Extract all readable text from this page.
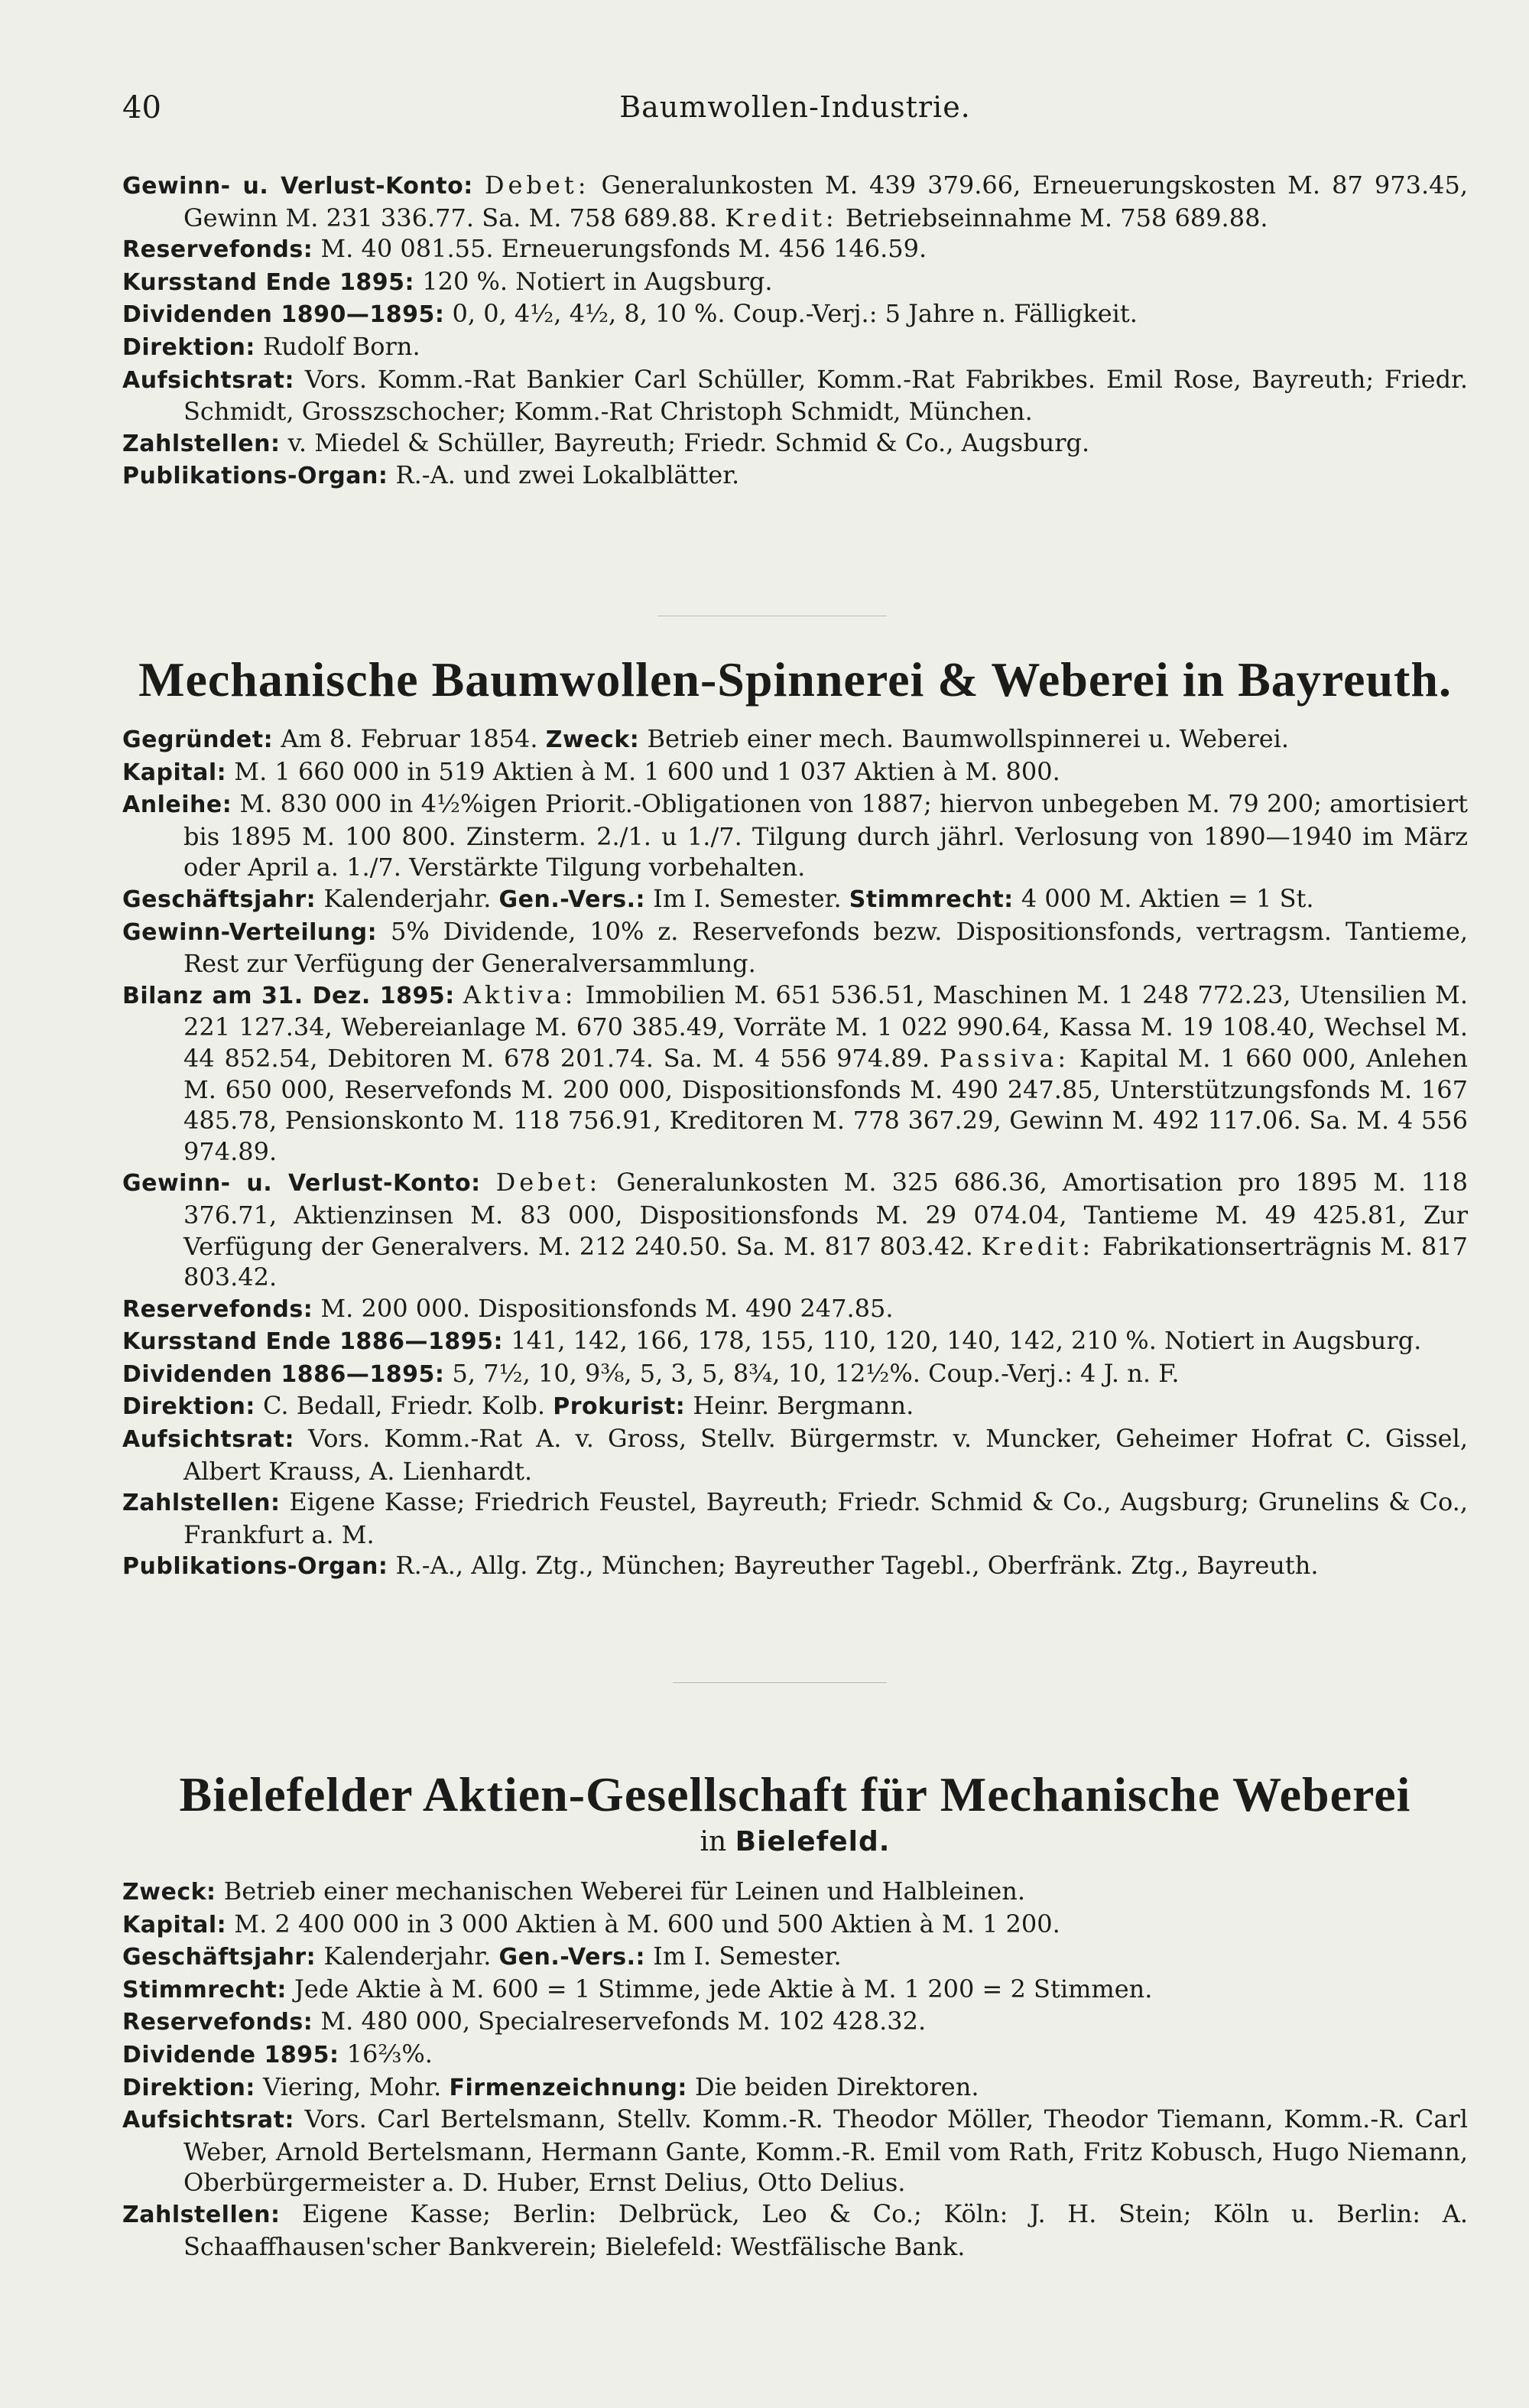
40	Baumwollen-Industrie.

Gewinn- u. Verlust-Konto: Debet: Generalunkosten M. 439 379.66, Erneuerungskosten M. 87 973.45, Gewinn M. 231 336.77. Sa. M. 758 689.88. Kredit: Betriebseinnahme M. 758 689.88.

Reservefonds: M. 40 081.55. Erneuerungsfonds M. 456 146.59.

Kursstand Ende 1895: 120 %. Notiert in Augsburg.

Dividenden 1890—1895: 0, 0, 4½, 4½, 8, 10 %. Coup.-Verj.: 5 Jahre n. Fälligkeit.

Direktion: Rudolf Born.

Aufsichtsrat: Vors. Komm.-Rat Bankier Carl Schüller, Komm.-Rat Fabrikbes. Emil Rose, Bayreuth; Friedr. Schmidt, Grosszschocher; Komm.-Rat Christoph Schmidt, München.

Zahlstellen: v. Miedel & Schüller, Bayreuth; Friedr. Schmid & Co., Augsburg.

Publikations-Organ: R.-A. und zwei Lokalblätter.

Mechanische Baumwollen-Spinnerei & Weberei in Bayreuth.

Gegründet: Am 8. Februar 1854. Zweck: Betrieb einer mech. Baumwollspinnerei u. Weberei.

Kapital: M. 1 660 000 in 519 Aktien à M. 1 600 und 1 037 Aktien à M. 800.

Anleihe: M. 830 000 in 4½%igen Priorit.-Obligationen von 1887; hiervon unbegeben M. 79 200; amortisiert bis 1895 M. 100 800. Zinsterm. 2./1. u 1./7. Tilgung durch jährl. Verlosung von 1890—1940 im März oder April a. 1./7. Verstärkte Tilgung vorbehalten.

Geschäftsjahr: Kalenderjahr. Gen.-Vers.: Im I. Semester. Stimmrecht: 4 000 M. Aktien = 1 St.

Gewinn-Verteilung: 5% Dividende, 10% z. Reservefonds bezw. Dispositionsfonds, vertragsm. Tantieme, Rest zur Verfügung der Generalversammlung.

Bilanz am 31. Dez. 1895: Aktiva: Immobilien M. 651 536.51, Maschinen M. 1 248 772.23, Utensilien M. 221 127.34, Webereianlage M. 670 385.49, Vorräte M. 1 022 990.64, Kassa M. 19 108.40, Wechsel M. 44 852.54, Debitoren M. 678 201.74. Sa. M. 4 556 974.89. Passiva: Kapital M. 1 660 000, Anlehen M. 650 000, Reservefonds M. 200 000, Dispositionsfonds M. 490 247.85, Unterstützungsfonds M. 167 485.78, Pensionskonto M. 118 756.91, Kreditoren M. 778 367.29, Gewinn M. 492 117.06. Sa. M. 4 556 974.89.

Gewinn- u. Verlust-Konto: Debet: Generalunkosten M. 325 686.36, Amortisation pro 1895 M. 118 376.71, Aktienzinsen M. 83 000, Dispositionsfonds M. 29 074.04, Tantieme M. 49 425.81, Zur Verfügung der Generalvers. M. 212 240.50. Sa. M. 817 803.42. Kredit: Fabrikationserträgnis M. 817 803.42.

Reservefonds: M. 200 000. Dispositionsfonds M. 490 247.85.

Kursstand Ende 1886—1895: 141, 142, 166, 178, 155, 110, 120, 140, 142, 210 %. Notiert in Augsburg.

Dividenden 1886—1895: 5, 7½, 10, 9⅜, 5, 3, 5, 8¾, 10, 12½%. Coup.-Verj.: 4 J. n. F.

Direktion: C. Bedall, Friedr. Kolb. Prokurist: Heinr. Bergmann.

Aufsichtsrat: Vors. Komm.-Rat A. v. Gross, Stellv. Bürgermstr. v. Muncker, Geheimer Hofrat C. Gissel, Albert Krauss, A. Lienhardt.

Zahlstellen: Eigene Kasse; Friedrich Feustel, Bayreuth; Friedr. Schmid & Co., Augsburg; Grunelins & Co., Frankfurt a. M.

Publikations-Organ: R.-A., Allg. Ztg., München; Bayreuther Tagebl., Oberfränk. Ztg., Bayreuth.

Bielefelder Aktien-Gesellschaft für Mechanische Weberei
in Bielefeld.

Zweck: Betrieb einer mechanischen Weberei für Leinen und Halbleinen.

Kapital: M. 2 400 000 in 3 000 Aktien à M. 600 und 500 Aktien à M. 1 200.

Geschäftsjahr: Kalenderjahr. Gen.-Vers.: Im I. Semester.

Stimmrecht: Jede Aktie à M. 600 = 1 Stimme, jede Aktie à M. 1 200 = 2 Stimmen.

Reservefonds: M. 480 000, Specialreservefonds M. 102 428.32.

Dividende 1895: 16⅔%.

Direktion: Viering, Mohr. Firmenzeichnung: Die beiden Direktoren.

Aufsichtsrat: Vors. Carl Bertelsmann, Stellv. Komm.-R. Theodor Möller, Theodor Tiemann, Komm.-R. Carl Weber, Arnold Bertelsmann, Hermann Gante, Komm.-R. Emil vom Rath, Fritz Kobusch, Hugo Niemann, Oberbürgermeister a. D. Huber, Ernst Delius, Otto Delius.

Zahlstellen: Eigene Kasse; Berlin: Delbrück, Leo & Co.; Köln: J. H. Stein; Köln u. Berlin: A. Schaaffhausen'scher Bankverein; Bielefeld: Westfälische Bank.
